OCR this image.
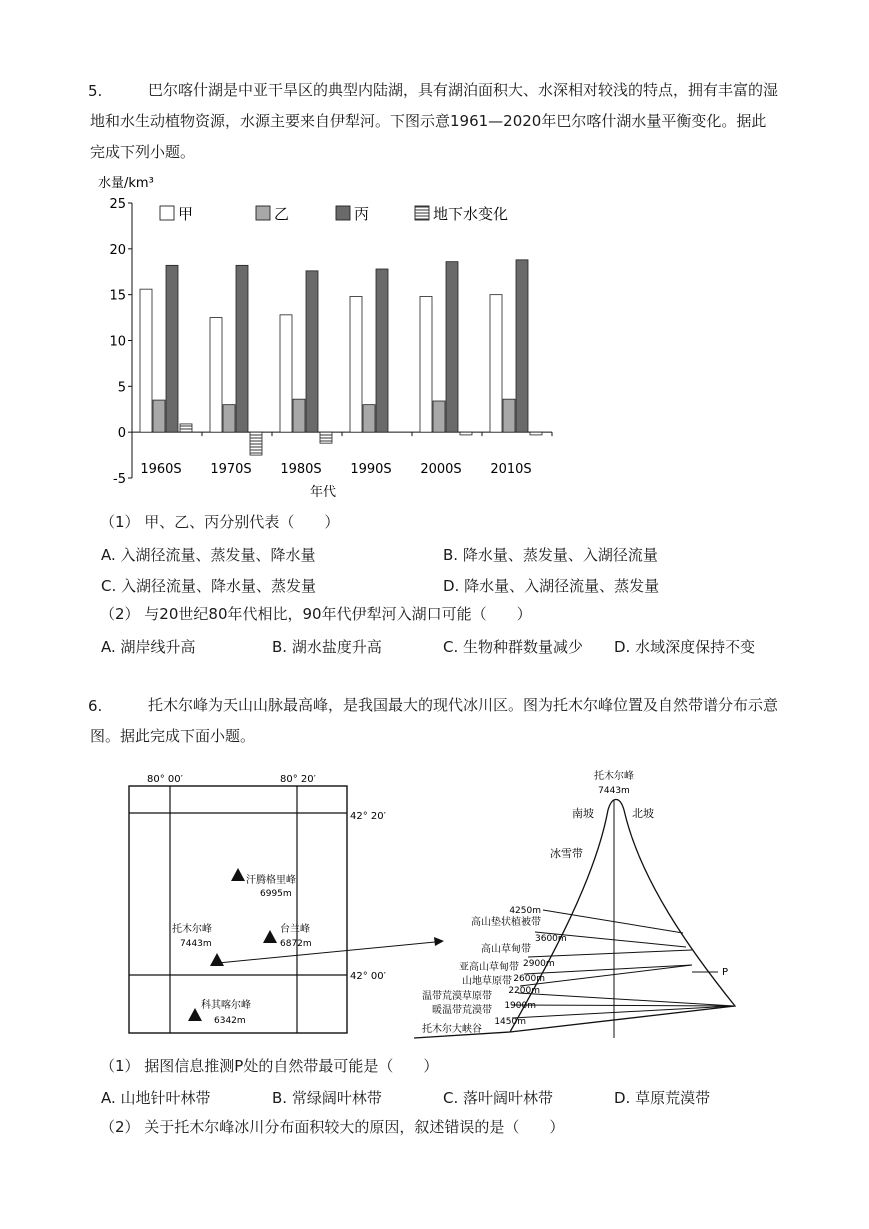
5.	巴尔喀什湖是中亚干旱区的典型内陆湖，具有湖泊面积大、水深相对较浅的特点，拥有丰富的湿
地和水生动植物资源，水源主要来自伊犁河。下图示意1961—2020年巴尔喀什湖水量平衡变化。据此
完成下列小题。
水量/km³
25
20
15
10
5
0
-5
1960S 1970S 1980S 1990S 2000S 2010S
甲	乙	丙	地下水变化
年代
（1） 甲、乙、丙分别代表（　　）
A. 入湖径流量、蒸发量、降水量	B. 降水量、蒸发量、入湖径流量
C. 入湖径流量、降水量、蒸发量	D. 降水量、入湖径流量、蒸发量
（2） 与20世纪80年代相比，90年代伊犁河入湖口可能（　　）
A. 湖岸线升高	B. 湖水盐度升高	C. 生物种群数量减少 D. 水域深度保持不变
6.	托木尔峰为天山山脉最高峰，是我国最大的现代冰川区。图为托木尔峰位置及自然带谱分布示意
图。据此完成下面小题。
80° 00′	80° 20′
42° 20′
42° 00′
汗腾格里峰
6995m
托木尔峰
7443m
台兰峰
6872m
科其喀尔峰
6342m
托木尔峰
7443m
南坡	北坡
冰雪带
P
4250m
高山垫状植被带
3600m
高山草甸带
2900m
亚高山草甸带
2600m
山地草原带
2200m
温带荒漠草原带
1900m
暖温带荒漠带
1450m
托木尔大峡谷
（1） 据图信息推测P处的自然带最可能是（　　）
A. 山地针叶林带	B. 常绿阔叶林带	C. 落叶阔叶林带	D. 草原荒漠带
（2） 关于托木尔峰冰川分布面积较大的原因，叙述错误的是（　　）
